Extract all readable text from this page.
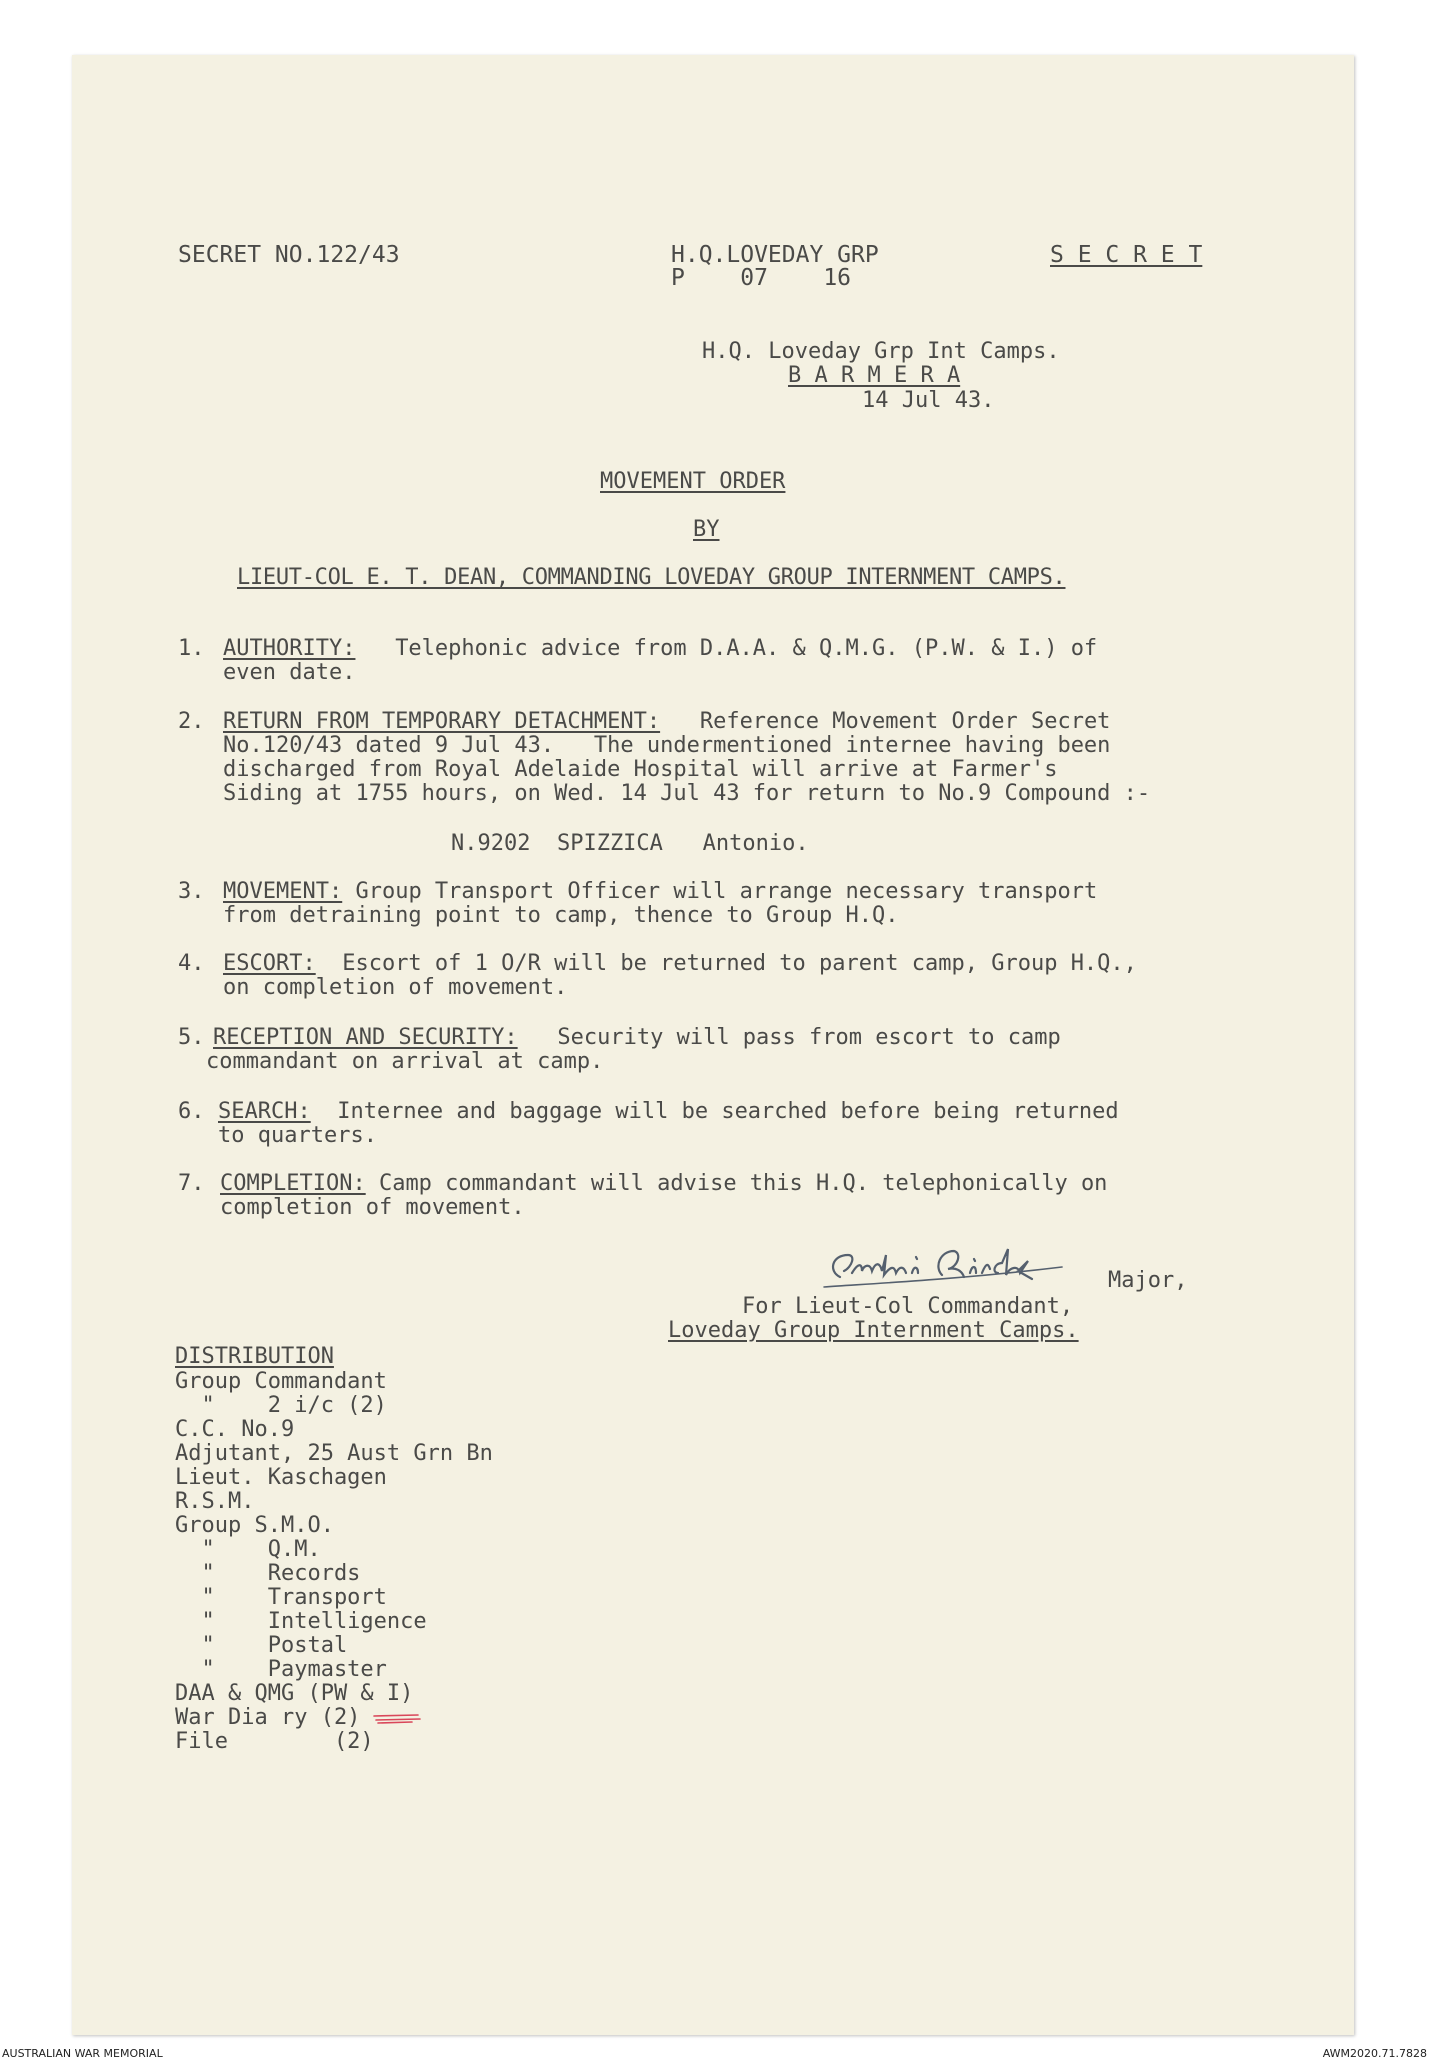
SECRET NO.122/43	H.Q.LOVEDAY GRP
P    07    16
S E C R E T
H.Q. Loveday Grp Int Camps.
B A R M E R A
14 Jul 43.
MOVEMENT ORDER
BY
LIEUT-COL E. T. DEAN, COMMANDING LOVEDAY GROUP INTERNMENT CAMPS.
1. AUTHORITY:   Telephonic advice from D.A.A. & Q.M.G. (P.W. & I.) of
even date.
2. RETURN FROM TEMPORARY DETACHMENT:   Reference Movement Order Secret
No.120/43 dated 9 Jul 43.   The undermentioned internee having been
discharged from Royal Adelaide Hospital will arrive at Farmer's
Siding at 1755 hours, on Wed. 14 Jul 43 for return to No.9 Compound :-
N.9202  SPIZZICA   Antonio.
3. MOVEMENT: Group Transport Officer will arrange necessary transport
from detraining point to camp, thence to Group H.Q.
4. ESCORT:  Escort of 1 O/R will be returned to parent camp, Group H.Q.,
on completion of movement.
5. RECEPTION AND SECURITY:   Security will pass from escort to camp
commandant on arrival at camp.
6. SEARCH:  Internee and baggage will be searched before being returned
to quarters.
7. COMPLETION: Camp commandant will advise this H.Q. telephonically on
completion of movement.
Major,
For Lieut-Col Commandant,
Loveday Group Internment Camps.
DISTRIBUTION
Group Commandant
"    2 i/c (2)
C.C. No.9
Adjutant, 25 Aust Grn Bn
Lieut. Kaschagen
R.S.M.
Group S.M.O.
"    Q.M.
"    Records
"    Transport
"    Intelligence
"    Postal
"    Paymaster
DAA & QMG (PW & I)
War Dia ry (2)
File        (2)
AUSTRALIAN WAR MEMORIAL	AWM2020.71.7828
